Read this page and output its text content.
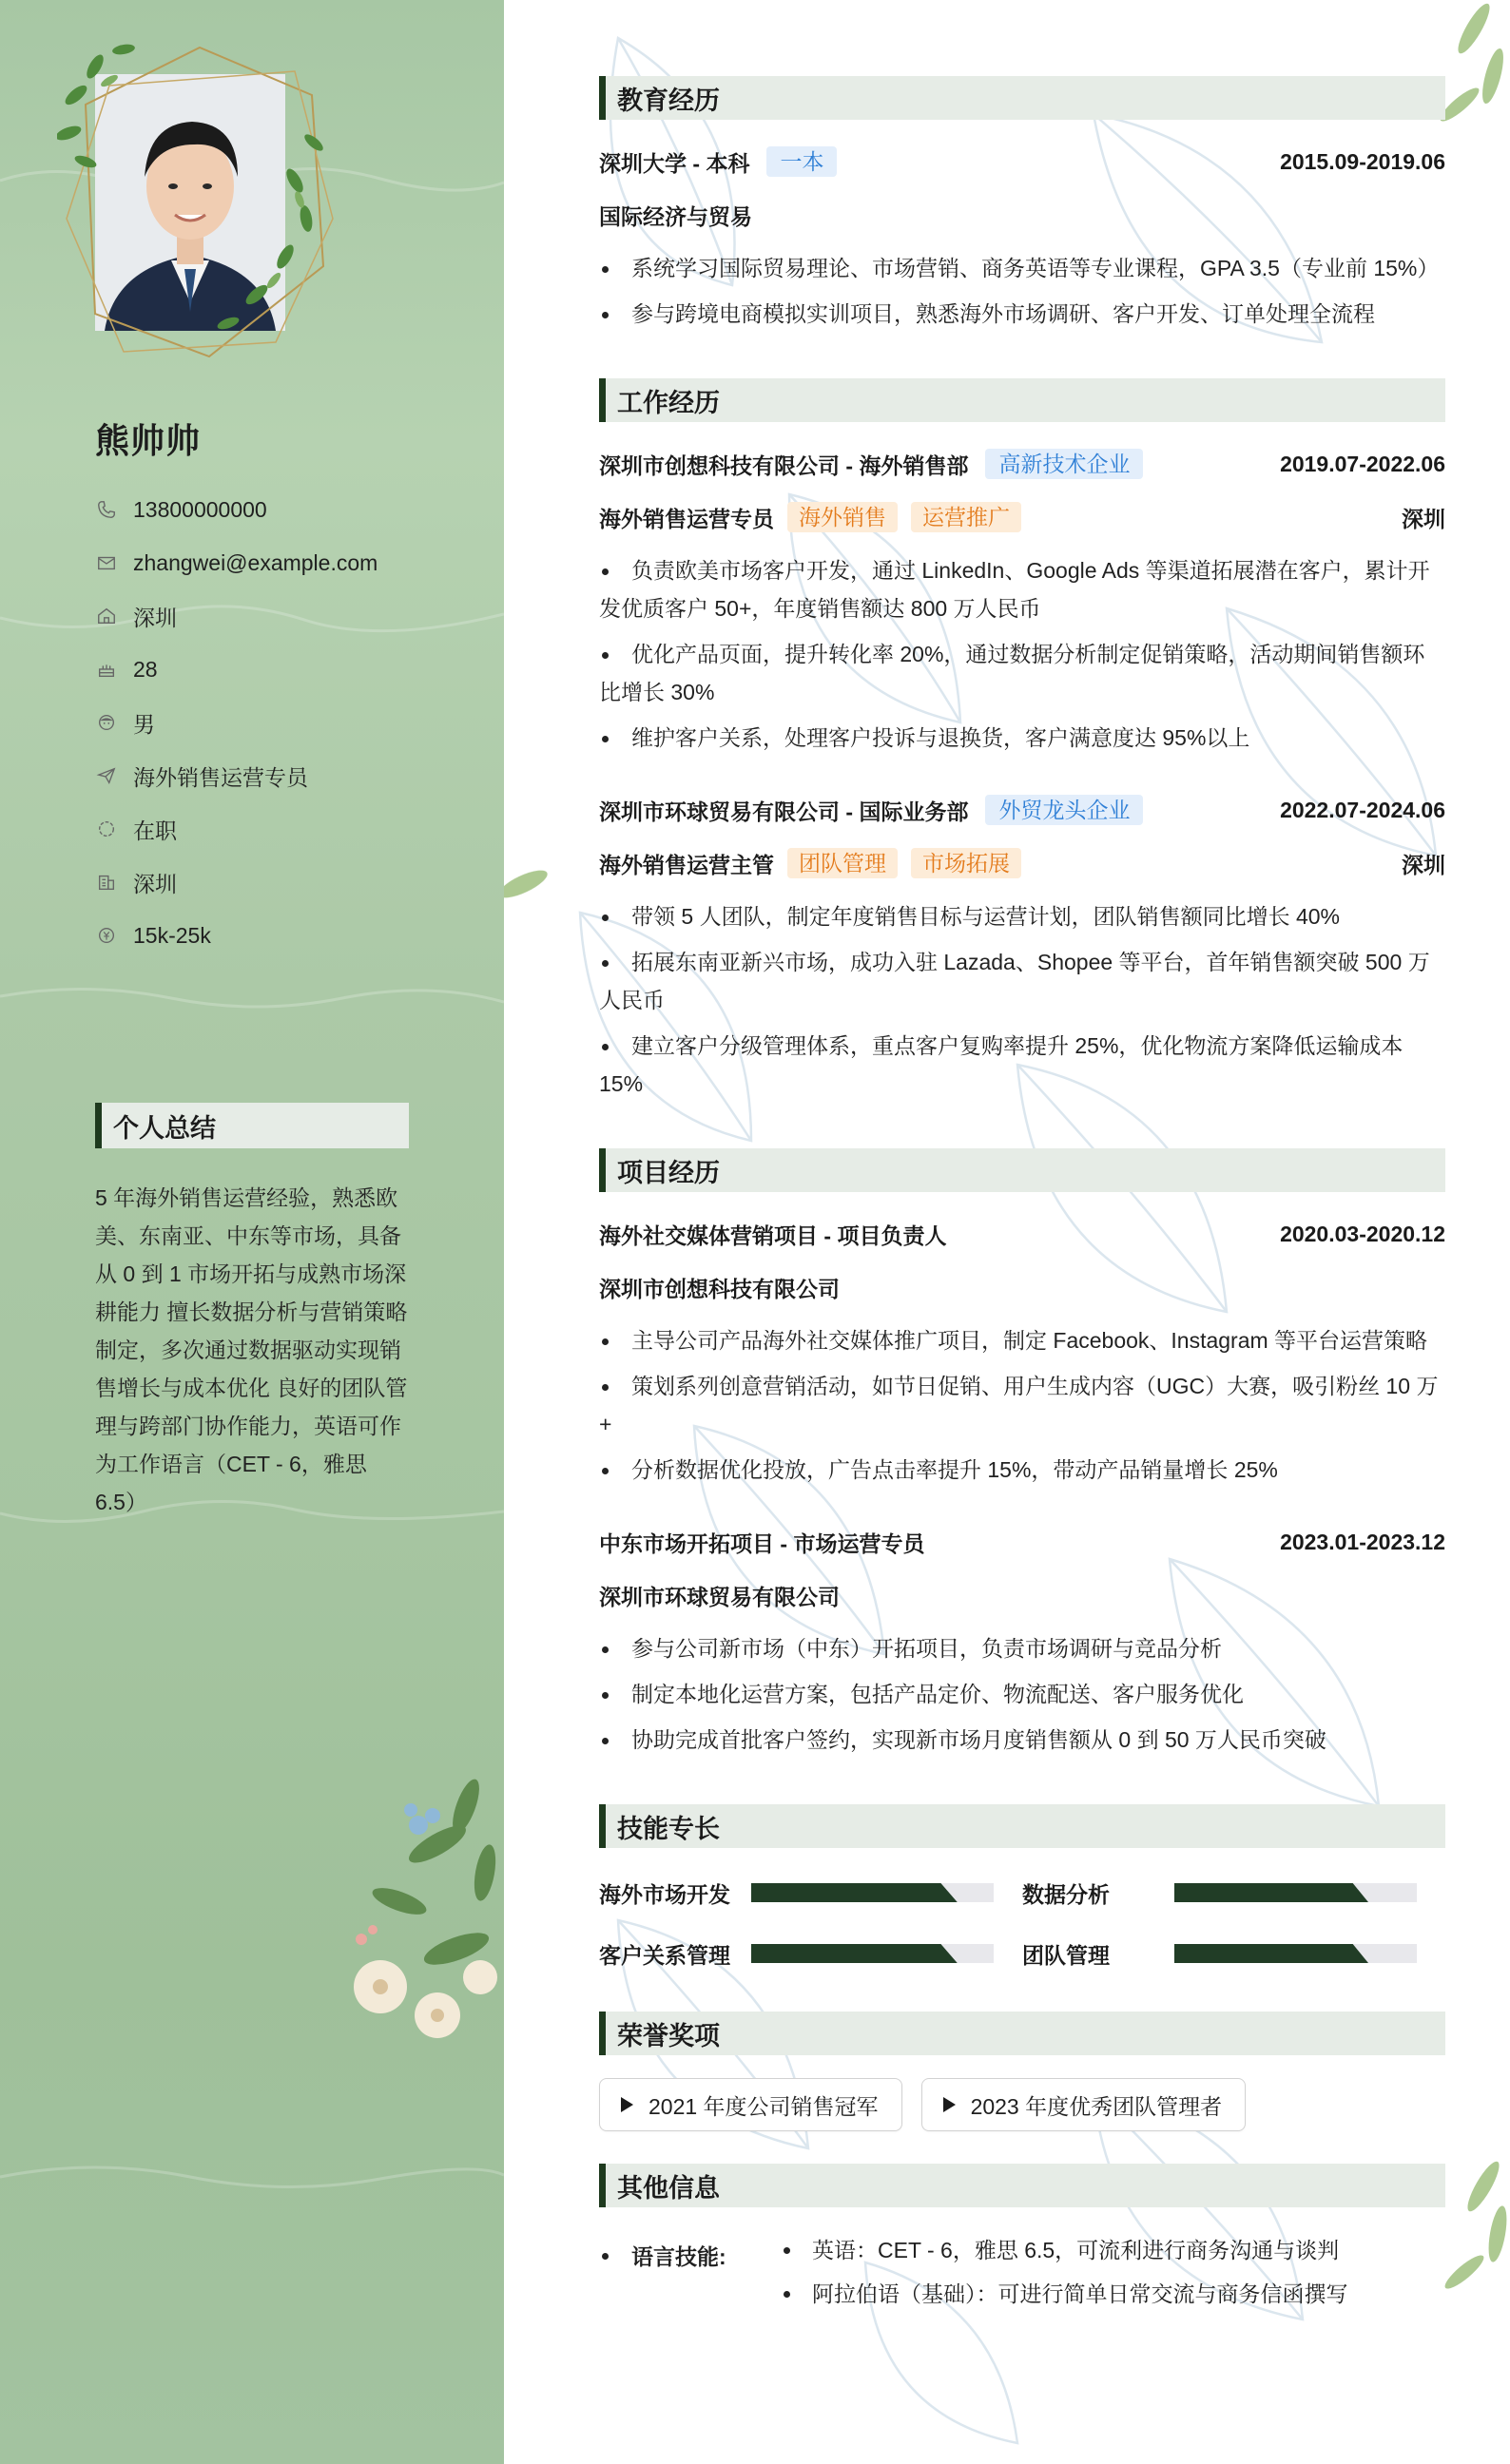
熊帅帅
13800000000
zhangwei@example.com
深圳
28
男
海外销售运营专员
在职
深圳
15k-25k
个人总结
5 年海外销售运营经验，熟悉欧美、东南亚、中东等市场，具备从 0 到 1 市场开拓与成熟市场深耕能力 擅长数据分析与营销策略制定，多次通过数据驱动实现销售增长与成本优化 良好的团队管理与跨部门协作能力，英语可作为工作语言（CET - 6，雅思 6.5）
教育经历
深圳大学 - 本科	一本	2015.09-2019.06
国际经济与贸易
系统学习国际贸易理论、市场营销、商务英语等专业课程，GPA 3.5（专业前 15%）
参与跨境电商模拟实训项目，熟悉海外市场调研、客户开发、订单处理全流程
工作经历
深圳市创想科技有限公司 - 海外销售部	高新技术企业	2019.07-2022.06
海外销售运营专员	海外销售	运营推广	深圳
负责欧美市场客户开发，通过 LinkedIn、Google Ads 等渠道拓展潜在客户，累计开发优质客户 50+，年度销售额达 800 万人民币
优化产品页面，提升转化率 20%，通过数据分析制定促销策略，活动期间销售额环比增长 30%
维护客户关系，处理客户投诉与退换货，客户满意度达 95%以上
深圳市环球贸易有限公司 - 国际业务部	外贸龙头企业	2022.07-2024.06
海外销售运营主管	团队管理	市场拓展	深圳
带领 5 人团队，制定年度销售目标与运营计划，团队销售额同比增长 40%
拓展东南亚新兴市场，成功入驻 Lazada、Shopee 等平台，首年销售额突破 500 万人民币
建立客户分级管理体系，重点客户复购率提升 25%，优化物流方案降低运输成本 15%
项目经历
海外社交媒体营销项目 - 项目负责人	2020.03-2020.12
深圳市创想科技有限公司
主导公司产品海外社交媒体推广项目，制定 Facebook、Instagram 等平台运营策略
策划系列创意营销活动，如节日促销、用户生成内容（UGC）大赛，吸引粉丝 10 万+
分析数据优化投放，广告点击率提升 15%，带动产品销量增长 25%
中东市场开拓项目 - 市场运营专员	2023.01-2023.12
深圳市环球贸易有限公司
参与公司新市场（中东）开拓项目，负责市场调研与竞品分析
制定本地化运营方案，包括产品定价、物流配送、客户服务优化
协助完成首批客户签约，实现新市场月度销售额从 0 到 50 万人民币突破
技能专长
海外市场开发	数据分析
客户关系管理	团队管理
荣誉奖项
2021 年度公司销售冠军	2023 年度优秀团队管理者
其他信息
语言技能:	英语：CET - 6，雅思 6.5，可流利进行商务沟通与谈判
阿拉伯语（基础）：可进行简单日常交流与商务信函撰写
